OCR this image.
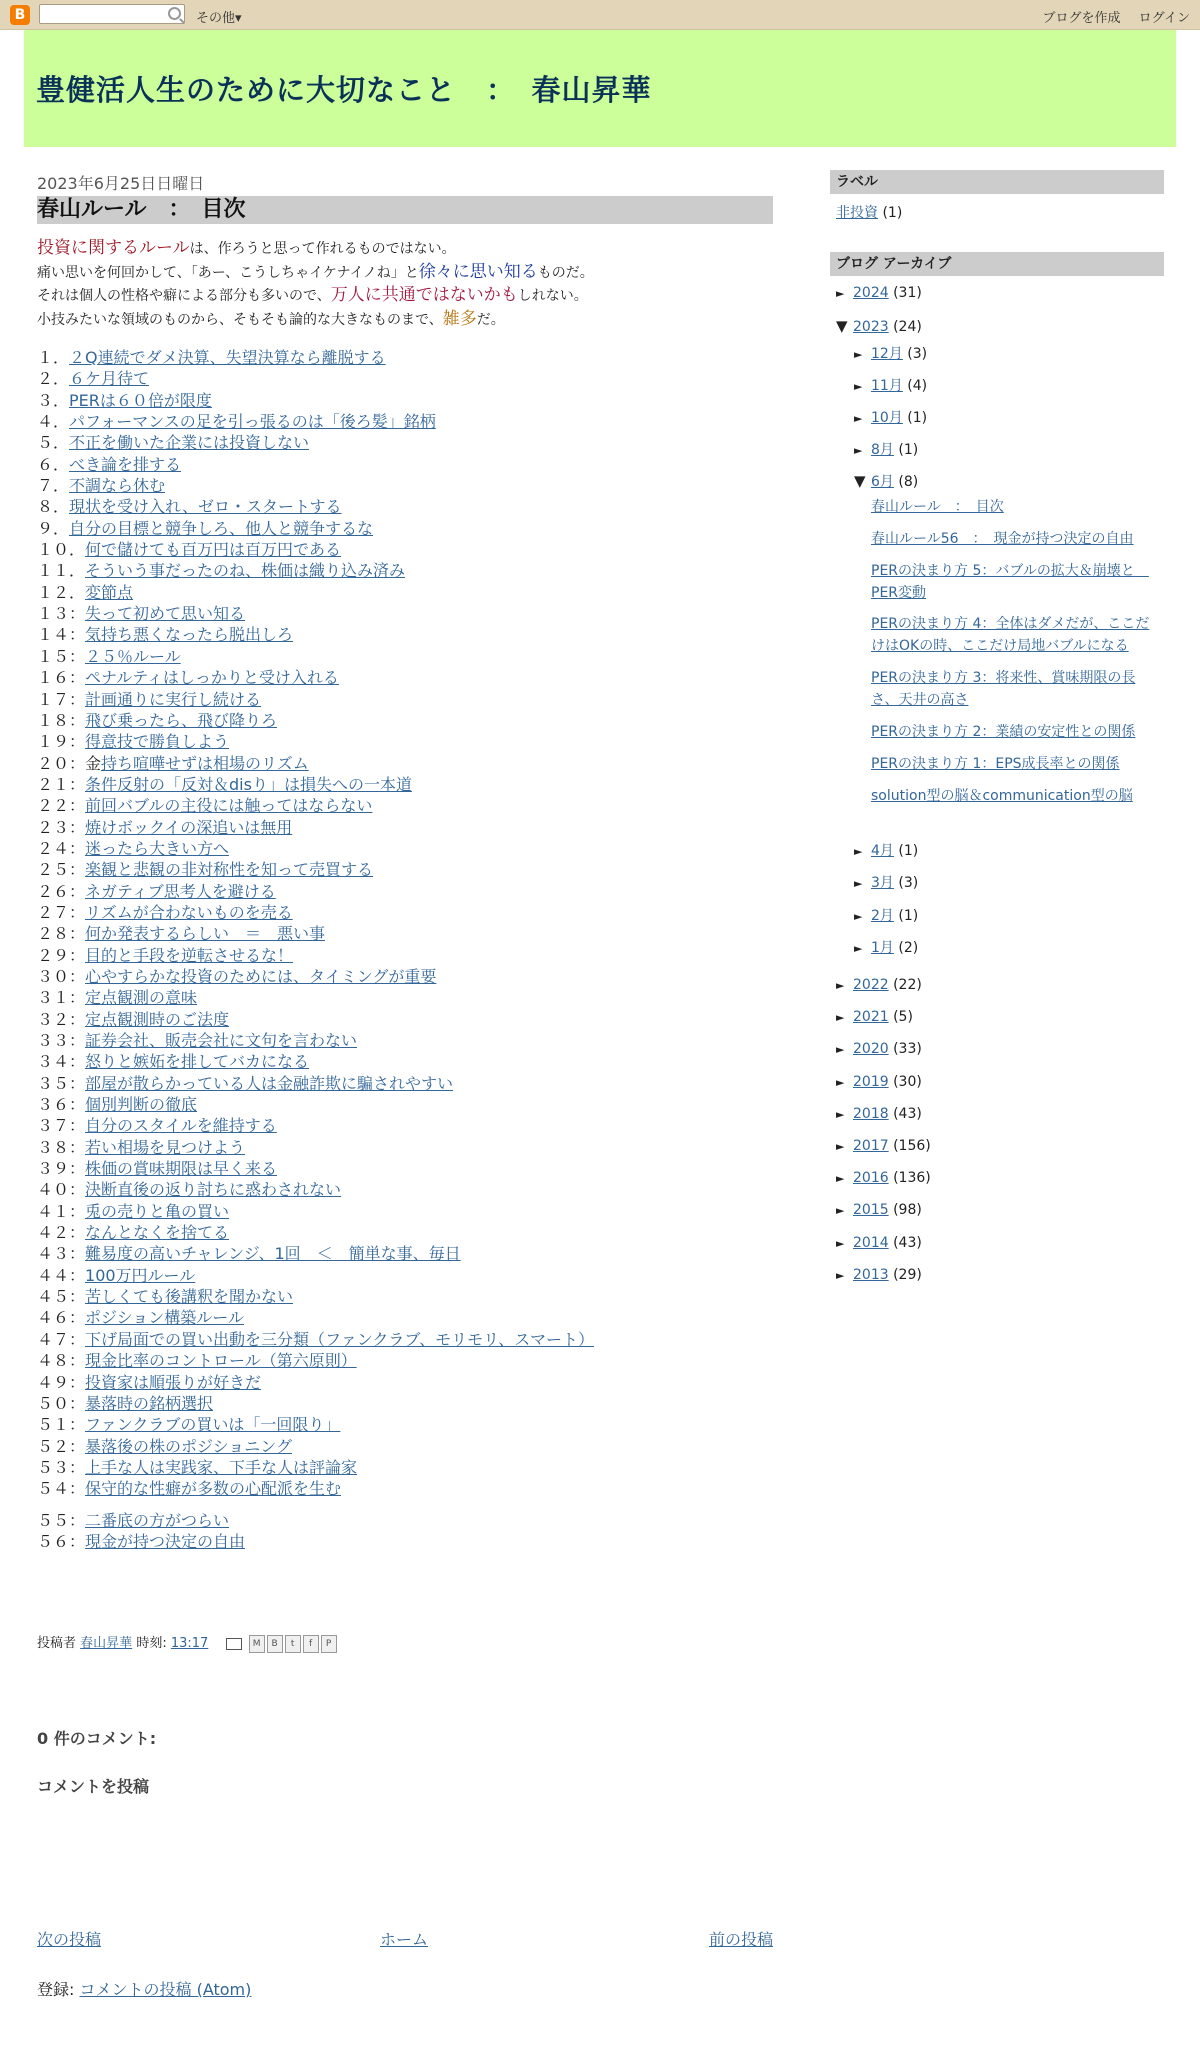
B	その他▾	ブログを作成 ログイン
豊健活人生のために大切なこと　：　春山昇華
2023年6月25日日曜日
春山ルール　：　目次
投資に関するルールは、作ろうと思って作れるものではない。
痛い思いを何回かして、「あー、こうしちゃイケナイノね」と徐々に思い知るものだ。
それは個人の性格や癖による部分も多いので、万人に共通ではないかもしれない。
小技みたいな領域のものから、そもそも論的な大きなものまで、雑多だ。
１．２Q連続でダメ決算、失望決算なら離脱する
２．６ケ月待て
３．PERは６０倍が限度
４．パフォーマンスの足を引っ張るのは「後ろ髪」銘柄
５．不正を働いた企業には投資しない
６．べき論を排する
７．不調なら休む
８．現状を受け入れ、ゼロ・スタートする
９．自分の目標と競争しろ、他人と競争するな
１０．何で儲けても百万円は百万円である
１１．そういう事だったのね、株価は織り込み済み
１２．変節点
１３：失って初めて思い知る
１４：気持ち悪くなったら脱出しろ
１５：２５％ルール
１６：ペナルティはしっかりと受け入れる
１７：計画通りに実行し続ける
１８：飛び乗ったら、飛び降りろ
１９：得意技で勝負しよう
２０：金持ち喧嘩せずは相場のリズム
２１：条件反射の「反対＆disり」は損失への一本道
２２：前回バブルの主役には触ってはならない
２３：焼けボックイの深追いは無用
２４：迷ったら大きい方へ
２５：楽観と悲観の非対称性を知って売買する
２６：ネガティブ思考人を避ける
２７：リズムが合わないものを売る
２８：何か発表するらしい　＝　悪い事
２９：目的と手段を逆転させるな！
３０：心やすらかな投資のためには、タイミングが重要
３１：定点観測の意味
３２：定点観測時のご法度
３３：証券会社、販売会社に文句を言わない
３４：怒りと嫉妬を排してバカになる
３５：部屋が散らかっている人は金融詐欺に騙されやすい
３６：個別判断の徹底
３７：自分のスタイルを維持する
３８：若い相場を見つけよう
３９：株価の賞味期限は早く来る
４０：決断直後の返り討ちに惑わされない
４１：兎の売りと亀の買い
４２：なんとなくを捨てる
４３：難易度の高いチャレンジ、1回　＜　簡単な事、毎日
４４：100万円ルール
４５：苦しくても後講釈を聞かない
４６：ポジション構築ルール
４７：下げ局面での買い出動を三分類（ファンクラブ、モリモリ、スマート）
４８：現金比率のコントロール（第六原則）
４９：投資家は順張りが好きだ
５０：暴落時の銘柄選択
５１：ファンクラブの買いは「一回限り」
５２：暴落後の株のポジショニング
５３：上手な人は実践家、下手な人は評論家
５４：保守的な性癖が多数の心配派を生む
５５：二番底の方がつらい
５６：現金が持つ決定の自由
投稿者 春山昇華 時刻: 13:17	M B t f P
0 件のコメント:
コメントを投稿
次の投稿	ホーム	前の投稿
登録: コメントの投稿 (Atom)
ラベル
非投資 (1)
ブログ アーカイブ
► 2024 (31)
▼ 2023 (24)
► 12月 (3)
► 11月 (4)
► 10月 (1)
► 8月 (1)
▼ 6月 (8)
春山ルール　：　目次
春山ルール56　：　現金が持つ決定の自由
PERの決まり方 5：バブルの拡大＆崩壊と　PER変動
PERの決まり方 4：全体はダメだが、ここだけはOKの時、ここだけ局地バブルになる
PERの決まり方 3：将来性、賞味期限の長さ、天井の高さ
PERの決まり方 2：業績の安定性との関係
PERの決まり方 1：EPS成長率との関係
solution型の脳＆communication型の脳
► 4月 (1)
► 3月 (3)
► 2月 (1)
► 1月 (2)
► 2022 (22)
► 2021 (5)
► 2020 (33)
► 2019 (30)
► 2018 (43)
► 2017 (156)
► 2016 (136)
► 2015 (98)
► 2014 (43)
► 2013 (29)
